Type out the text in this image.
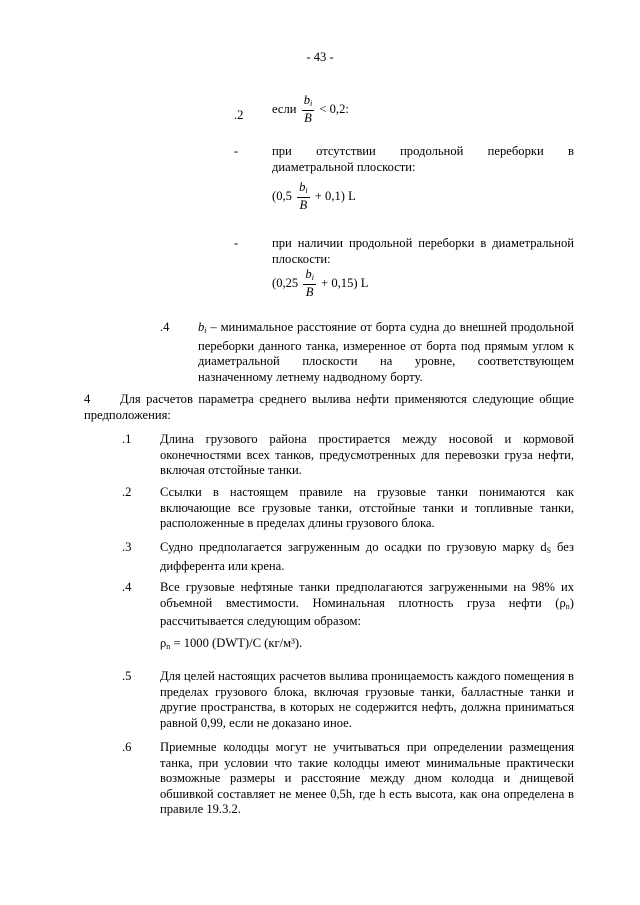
- 43 -
.2 если $\frac{b_i}{B} < 0,2$:
-	при отсутствии продольной переборки в диаметральной плоскости:
$(0,5 \frac{b_i}{B} + 0,1)$ L
-	при наличии продольной переборки в диаметральной плоскости:
$(0,25 \frac{b_i}{B} + 0,15)$ L
.4 $b_i$ – минимальное расстояние от борта судна до внешней продольной переборки данного танка, измеренное от борта под прямым углом к диаметральной плоскости на уровне, соответствующем назначенному летнему надводному борту.
4	Для расчетов параметра среднего вылива нефти применяются следующие общие предположения:
.1 Длина грузового района простирается между носовой и кормовой оконечностями всех танков, предусмотренных для перевозки груза нефти, включая отстойные танки.
.2 Ссылки в настоящем правиле на грузовые танки понимаются как включающие все грузовые танки, отстойные танки и топливные танки, расположенные в пределах длины грузового блока.
.3 Судно предполагается загруженным до осадки по грузовую марку $d_S$ без дифферента или крена.
.4 Все грузовые нефтяные танки предполагаются загруженными на 98% их объемной вместимости. Номинальная плотность груза нефти $(\rho_n)$ рассчитывается следующим образом:
$\rho_n = 1000$ (DWT)/C (кг/м³).
.5 Для целей настоящих расчетов вылива проницаемость каждого помещения в пределах грузового блока, включая грузовые танки, балластные танки и другие пространства, в которых не содержится нефть, должна приниматься равной 0,99, если не доказано иное.
.6 Приемные колодцы могут не учитываться при определении размещения танка, при условии что такие колодцы имеют минимальные практически возможные размеры и расстояние между дном колодца и днищевой обшивкой составляет не менее 0,5h, где h есть высота, как она определена в правиле 19.3.2.
